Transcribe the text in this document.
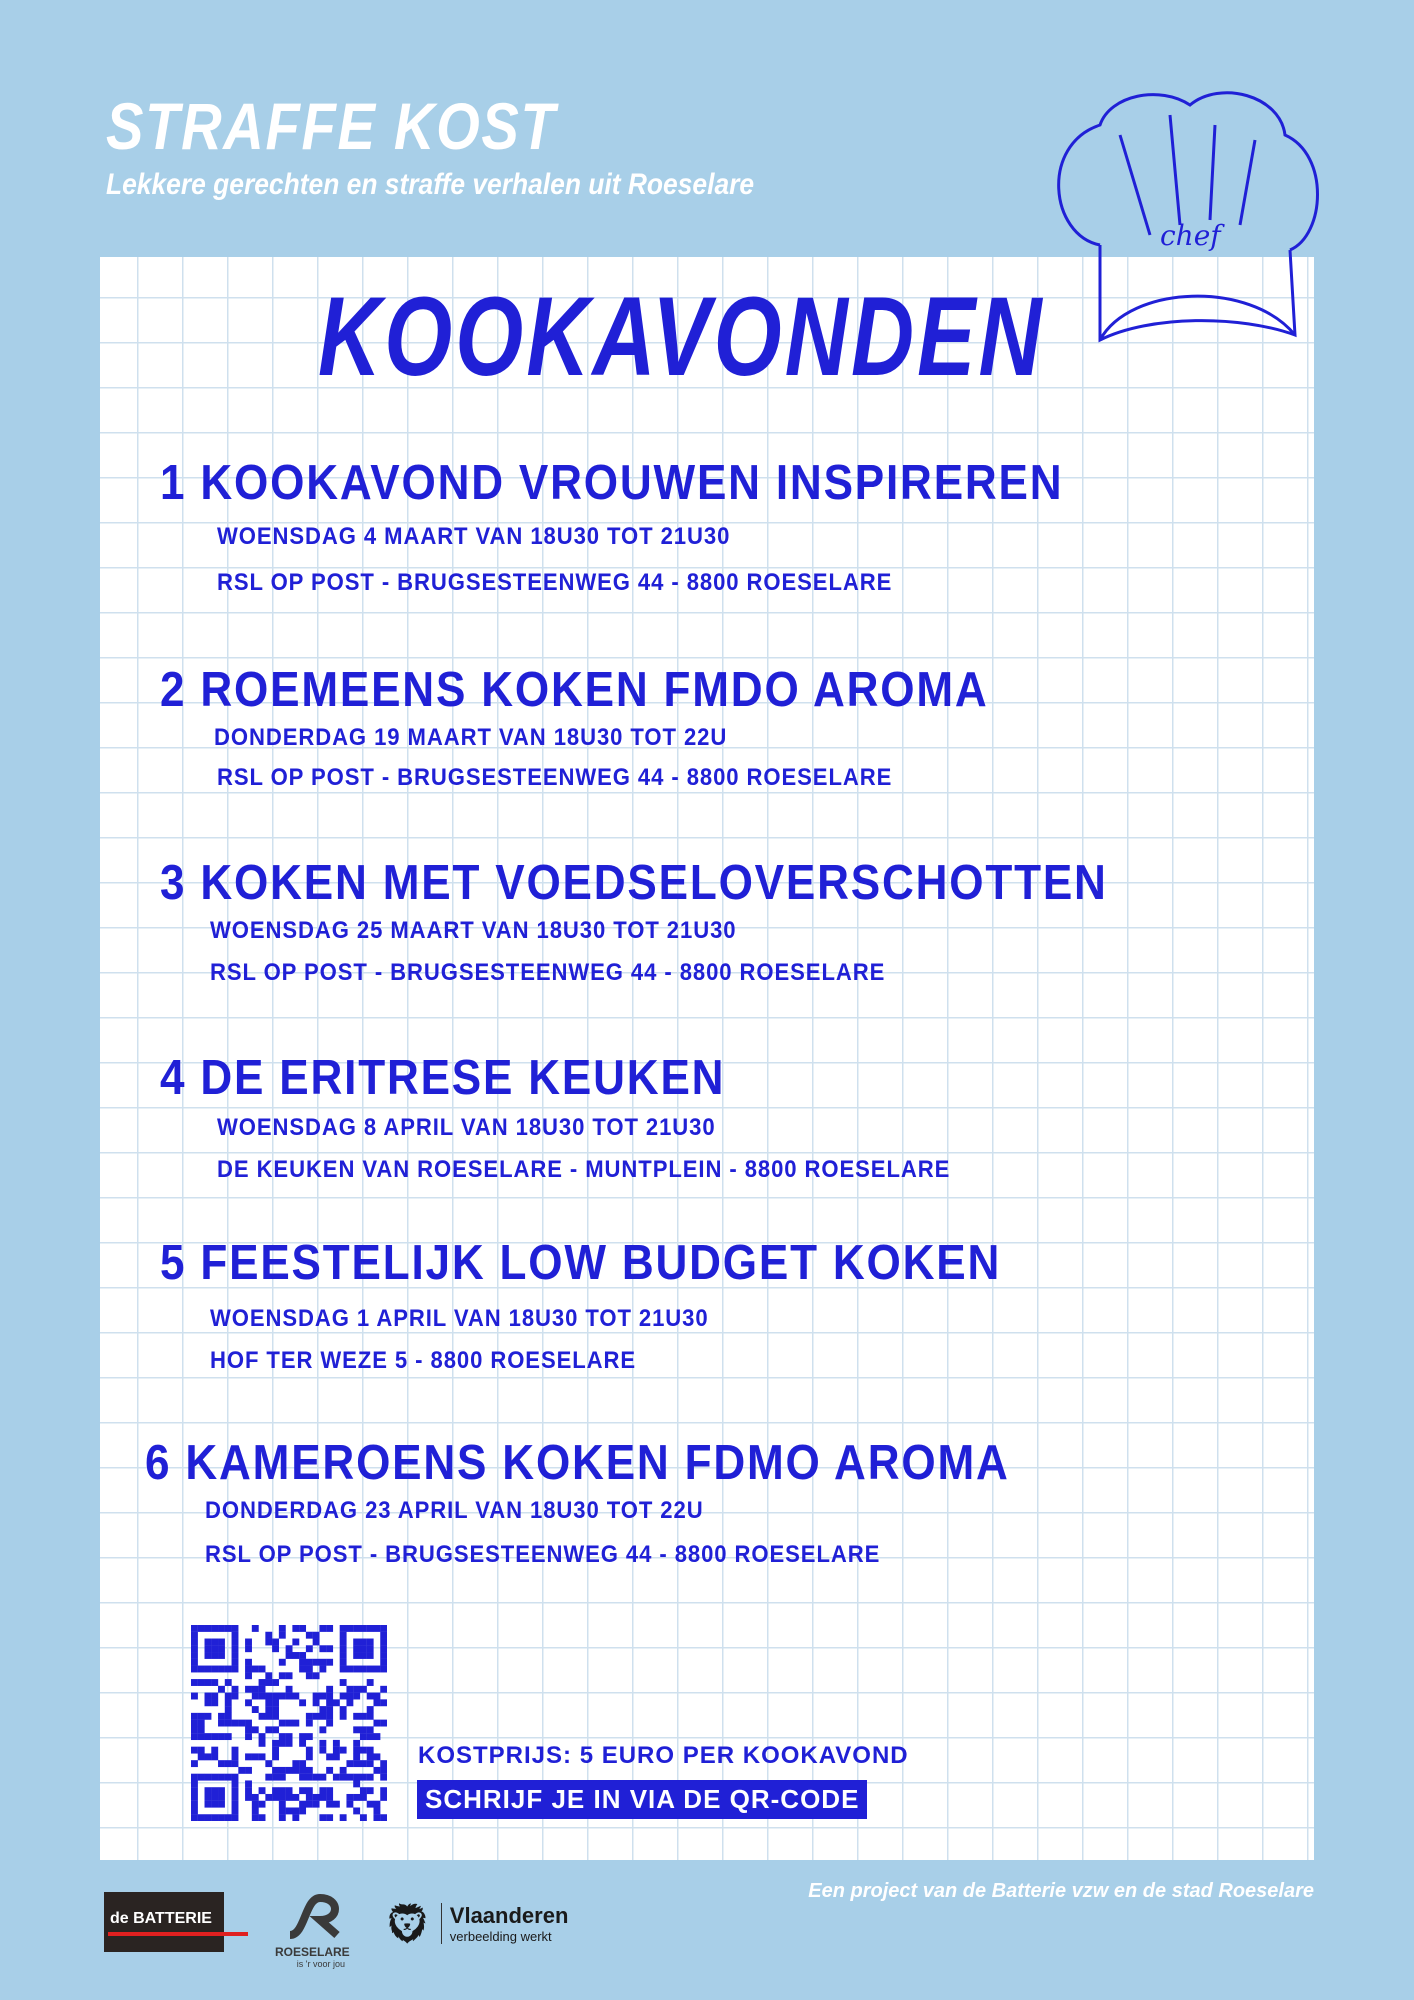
STRAFFE KOST
Lekkere gerechten en straffe verhalen uit Roeselare
chef
KOOKAVONDEN
1 KOOKAVOND VROUWEN INSPIREREN
WOENSDAG 4 MAART VAN 18U30 TOT 21U30
RSL OP POST - BRUGSESTEENWEG 44 - 8800 ROESELARE
2 ROEMEENS KOKEN FMDO AROMA
DONDERDAG 19 MAART VAN 18U30 TOT 22U
RSL OP POST - BRUGSESTEENWEG 44 - 8800 ROESELARE
3 KOKEN MET VOEDSELOVERSCHOTTEN
WOENSDAG 25 MAART VAN 18U30 TOT 21U30
RSL OP POST - BRUGSESTEENWEG 44 - 8800 ROESELARE
4 DE ERITRESE KEUKEN
WOENSDAG 8 APRIL VAN 18U30 TOT 21U30
DE KEUKEN VAN ROESELARE - MUNTPLEIN - 8800 ROESELARE
5 FEESTELIJK LOW BUDGET KOKEN
WOENSDAG 1 APRIL VAN 18U30 TOT 21U30
HOF TER WEZE 5 - 8800 ROESELARE
6 KAMEROENS KOKEN FDMO AROMA
DONDERDAG 23 APRIL VAN 18U30 TOT 22U
RSL OP POST - BRUGSESTEENWEG 44 - 8800 ROESELARE
KOSTPRIJS: 5 EURO PER KOOKAVOND
SCHRIJF JE IN VIA DE QR-CODE
Een project van de Batterie vzw en de stad Roeselare
de BATTERIE
ROESELARE
is 'r voor jou
🦁︎ Vlaanderen
verbeelding werkt
